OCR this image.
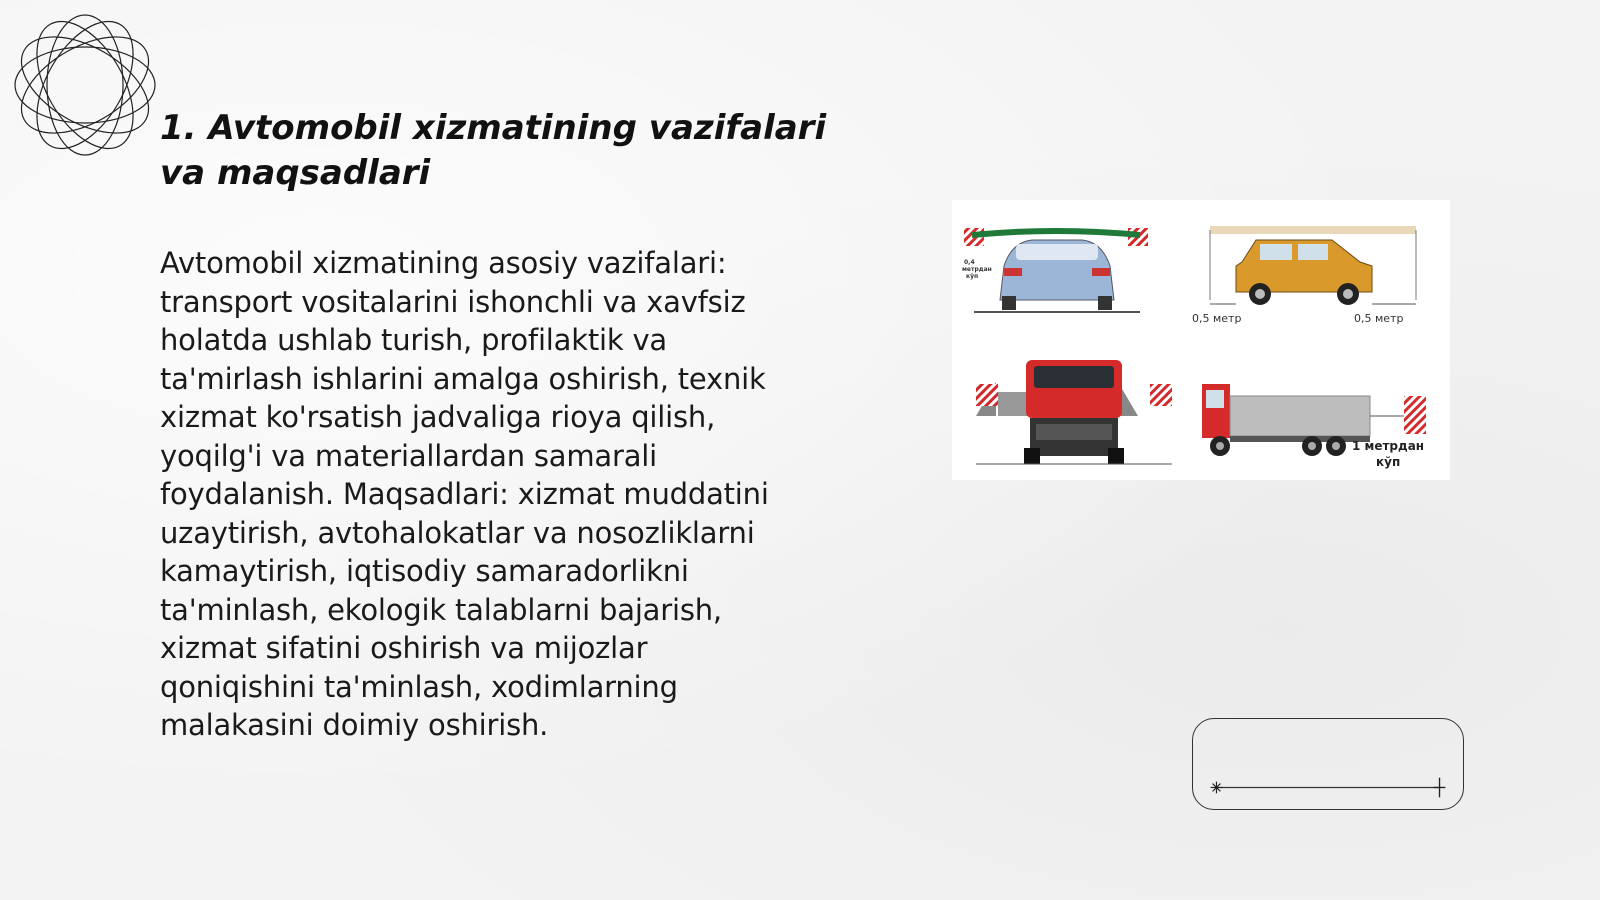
1. Avtomobil xizmatining vazifalari va maqsadlari

Avtomobil xizmatining asosiy vazifalari: transport vositalarini ishonchli va xavfsiz holatda ushlab turish, profilaktik va ta'mirlash ishlarini amalga oshirish, texnik xizmat ko'rsatish jadvaliga rioya qilish, yoqilg'i va materiallardan samarali foydalanish. Maqsadlari: xizmat muddatini uzaytirish, avtohalokatlar va nosozliklarni kamaytirish, iqtisodiy samaradorlikni ta'minlash, ekologik talablarni bajarish, xizmat sifatini oshirish va mijozlar qoniqishini ta'minlash, xodimlarning malakasini doimiy oshirish.

0,4
метрдан
кўп
0,5 метр	0,5 метр
1 метрдан
кўп
